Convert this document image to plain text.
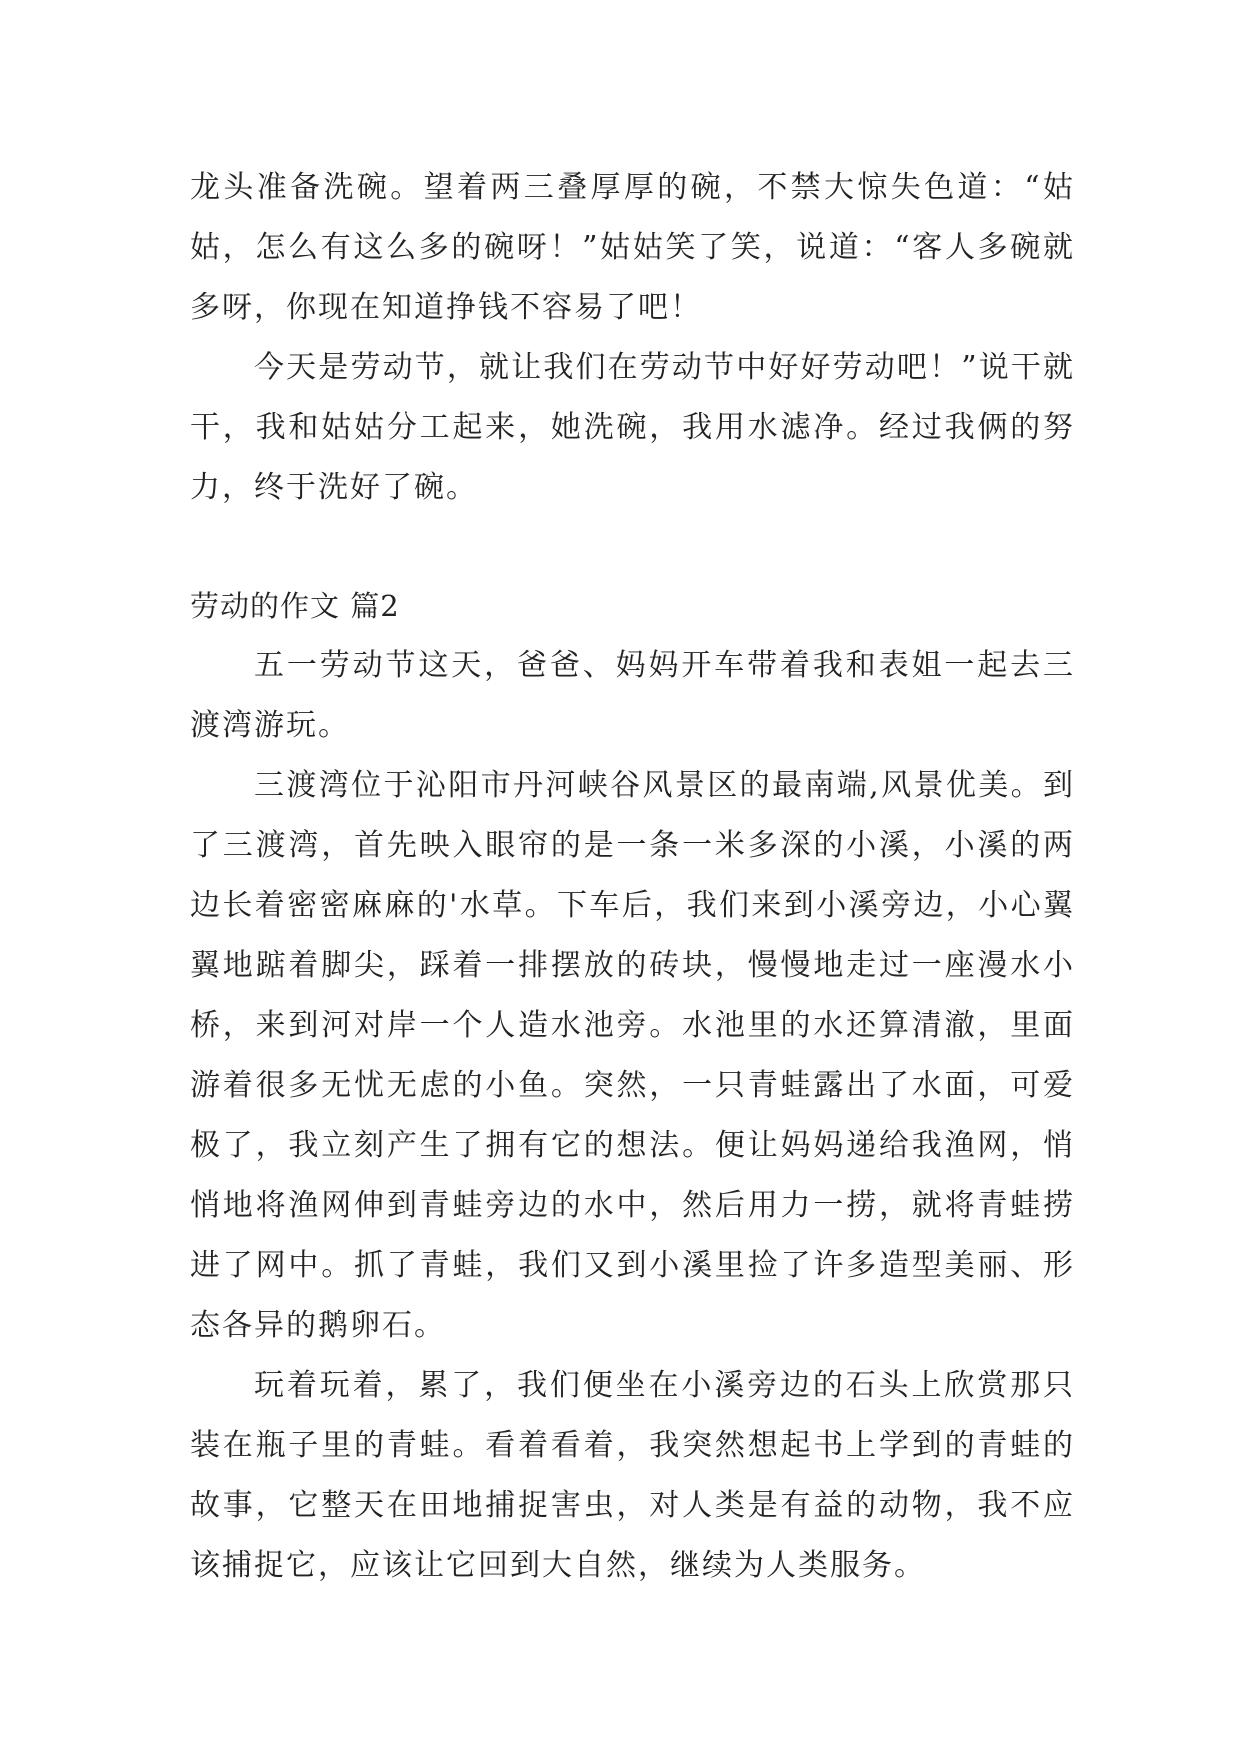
龙头准备洗碗。望着两三叠厚厚的碗，不禁大惊失色道：“姑姑，怎么有这么多的碗呀！”姑姑笑了笑，说道：“客人多碗就多呀，你现在知道挣钱不容易了吧！

今天是劳动节，就让我们在劳动节中好好劳动吧！”说干就干，我和姑姑分工起来，她洗碗，我用水滤净。经过我俩的努力，终于洗好了碗。

劳动的作文 篇2

五一劳动节这天，爸爸、妈妈开车带着我和表姐一起去三渡湾游玩。

三渡湾位于沁阳市丹河峡谷风景区的最南端,风景优美。到了三渡湾，首先映入眼帘的是一条一米多深的小溪，小溪的两边长着密密麻麻的'水草。下车后，我们来到小溪旁边，小心翼翼地踮着脚尖，踩着一排摆放的砖块，慢慢地走过一座漫水小桥，来到河对岸一个人造水池旁。水池里的水还算清澈，里面游着很多无忧无虑的小鱼。突然，一只青蛙露出了水面，可爱极了，我立刻产生了拥有它的想法。便让妈妈递给我渔网，悄悄地将渔网伸到青蛙旁边的水中，然后用力一捞，就将青蛙捞进了网中。抓了青蛙，我们又到小溪里捡了许多造型美丽、形态各异的鹅卵石。

玩着玩着，累了，我们便坐在小溪旁边的石头上欣赏那只装在瓶子里的青蛙。看着看着，我突然想起书上学到的青蛙的故事，它整天在田地捕捉害虫，对人类是有益的动物，我不应该捕捉它，应该让它回到大自然，继续为人类服务。
